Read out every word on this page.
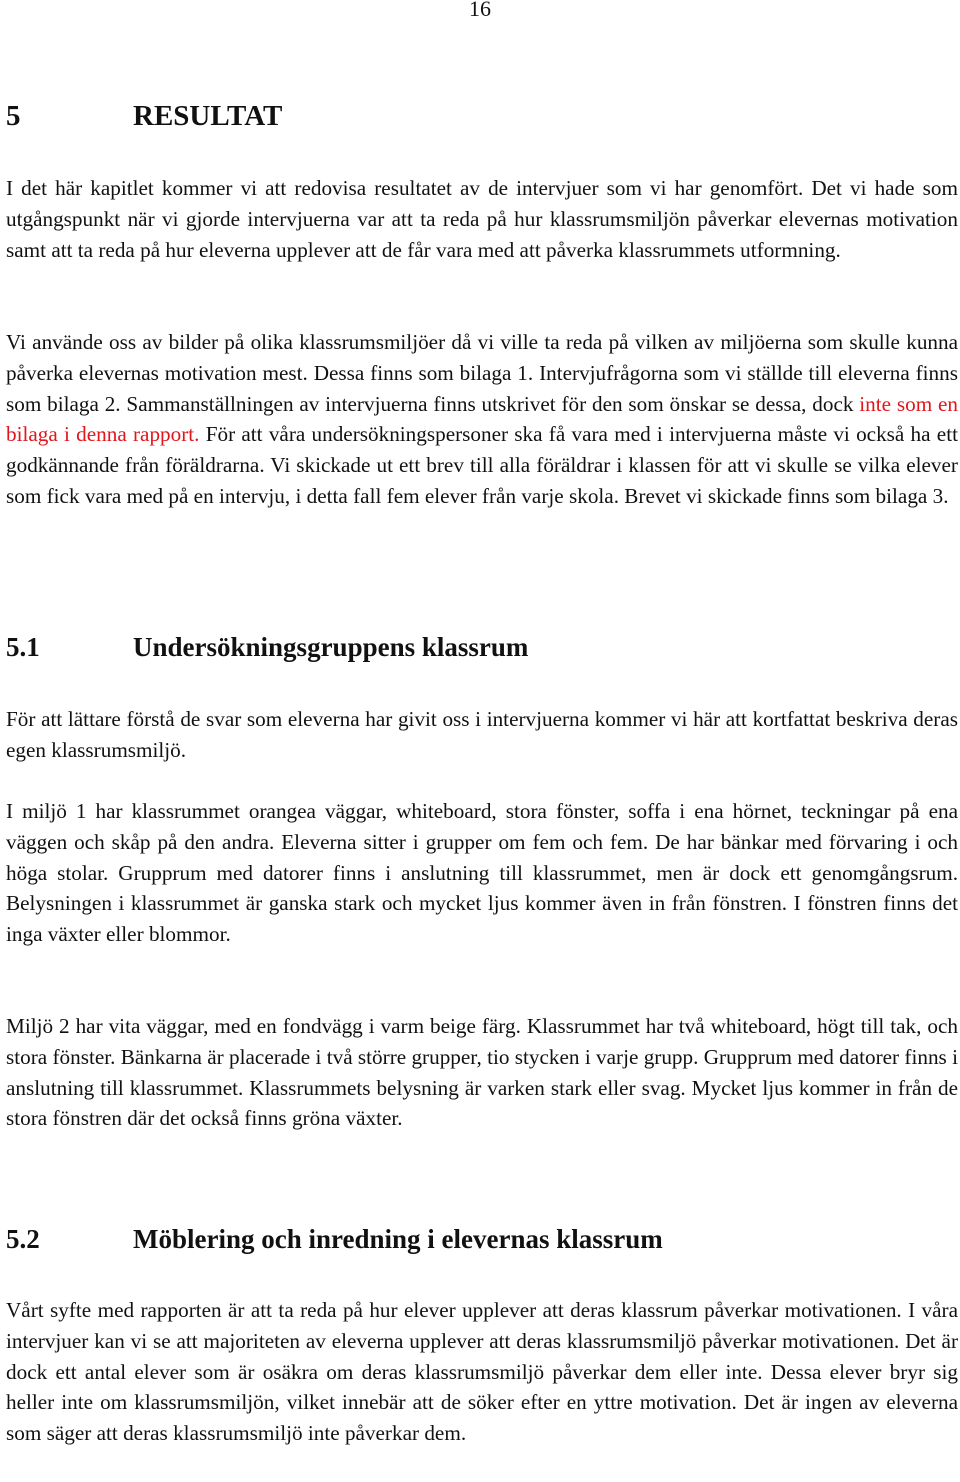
16
5	RESULTAT

I det här kapitlet kommer vi att redovisa resultatet av de intervjuer som vi har genomfört. Det vi hade som utgångspunkt när vi gjorde intervjuerna var att ta reda på hur klassrumsmiljön påverkar elevernas motivation samt att ta reda på hur eleverna upplever att de får vara med att påverka klassrummets utformning.

Vi använde oss av bilder på olika klassrumsmiljöer då vi ville ta reda på vilken av miljöerna som skulle kunna påverka elevernas motivation mest. Dessa finns som bilaga 1. Intervjufrågorna som vi ställde till eleverna finns som bilaga 2. Sammanställningen av intervjuerna finns utskrivet för den som önskar se dessa, dock inte som en bilaga i denna rapport. För att våra undersökningspersoner ska få vara med i intervjuerna måste vi också ha ett godkännande från föräldrarna. Vi skickade ut ett brev till alla föräldrar i klassen för att vi skulle se vilka elever som fick vara med på en intervju, i detta fall fem elever från varje skola. Brevet vi skickade finns som bilaga 3.

5.1	Undersökningsgruppens klassrum

För att lättare förstå de svar som eleverna har givit oss i intervjuerna kommer vi här att kortfattat beskriva deras egen klassrumsmiljö.

I miljö 1 har klassrummet orangea väggar, whiteboard, stora fönster, soffa i ena hörnet, teckningar på ena väggen och skåp på den andra. Eleverna sitter i grupper om fem och fem. De har bänkar med förvaring i och höga stolar. Grupprum med datorer finns i anslutning till klassrummet, men är dock ett genomgångsrum. Belysningen i klassrummet är ganska stark och mycket ljus kommer även in från fönstren. I fönstren finns det inga växter eller blommor.

Miljö 2 har vita väggar, med en fondvägg i varm beige färg. Klassrummet har två whiteboard, högt till tak, och stora fönster. Bänkarna är placerade i två större grupper, tio stycken i varje grupp. Grupprum med datorer finns i anslutning till klassrummet. Klassrummets belysning är varken stark eller svag. Mycket ljus kommer in från de stora fönstren där det också finns gröna växter.

5.2	Möblering och inredning i elevernas klassrum

Vårt syfte med rapporten är att ta reda på hur elever upplever att deras klassrum påverkar motivationen. I våra intervjuer kan vi se att majoriteten av eleverna upplever att deras klassrumsmiljö påverkar motivationen. Det är dock ett antal elever som är osäkra om deras klassrumsmiljö påverkar dem eller inte. Dessa elever bryr sig heller inte om klassrumsmiljön, vilket innebär att de söker efter en yttre motivation. Det är ingen av eleverna som säger att deras klassrumsmiljö inte påverkar dem.
